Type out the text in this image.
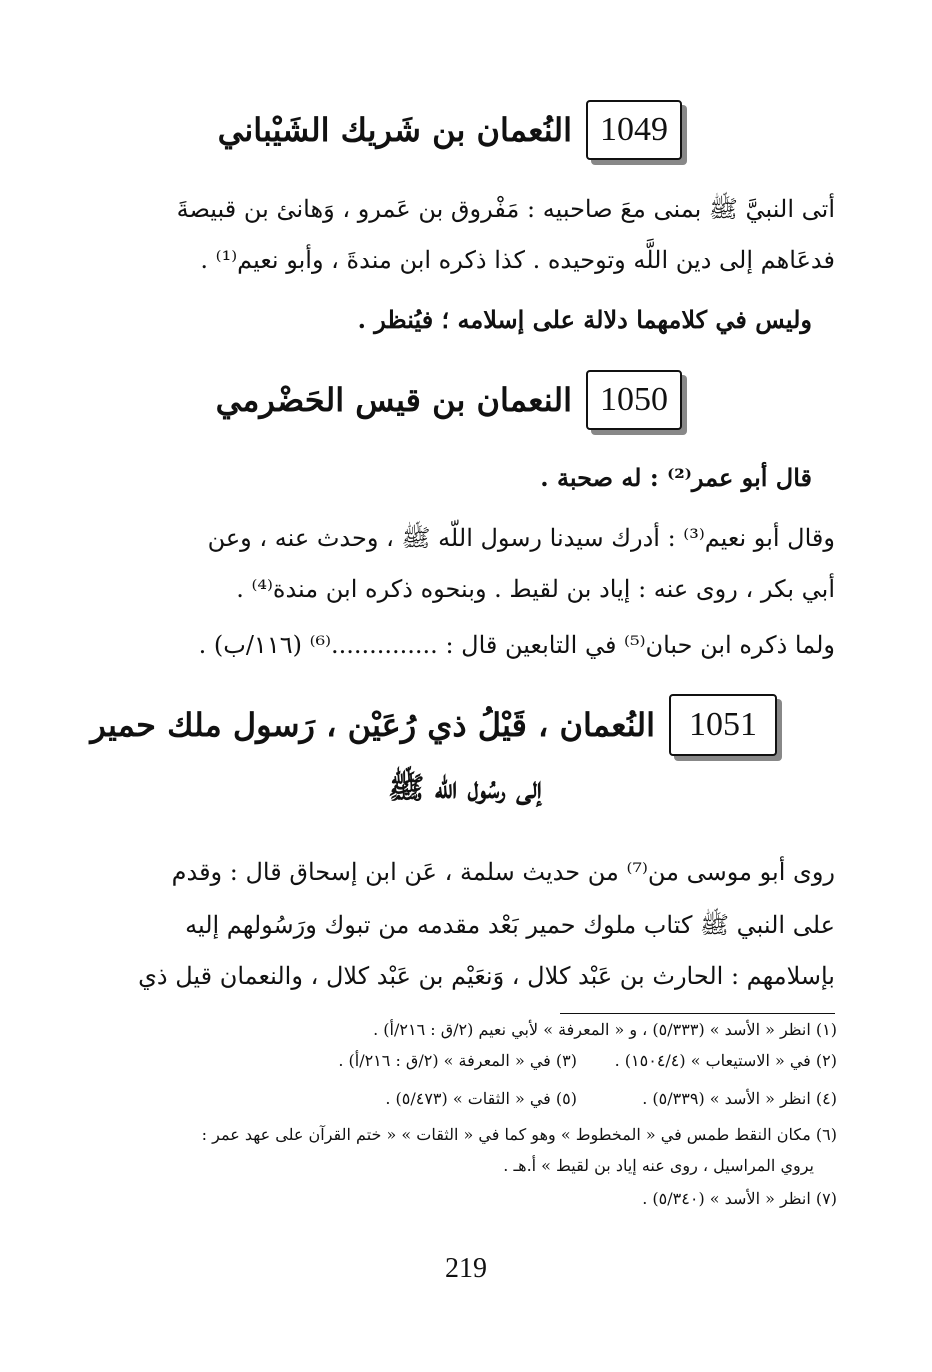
1049
النُعمان بن شَريك الشَيْباني
أتى النبيَّ ﷺ بمنى معَ صاحبيه : مَفْروق بن عَمرو ، وَهانئ بن قبيصةَ
فدعَاهم إلى دين اللَّه وتوحيده . كذا ذكره ابن مندةَ ، وأبو نعيم⁽¹⁾ .
وليس في كلامهما دلالة على إسلامه ؛ فيُنظر .
1050
النعمان بن قيس الحَضْرمي
قال أبو عمر⁽²⁾ : له صحبة .
وقال أبو نعيم⁽³⁾ : أدرك سيدنا رسول اللّه ﷺ ، وحدث عنه ، وعن
أبي بكر ، روى عنه : إياد بن لقيط . وبنحوه ذكره ابن مندة⁽⁴⁾ .
ولما ذكره ابن حبان⁽⁵⁾ في التابعين قال : ..............⁽⁶⁾ (١١٦/ب) .
1051
النُعمان ، قَيْلُ ذي رُعَيْن ، رَسول ملك حمير
إلى رسُول الله ﷺ
روى أبو موسى من⁽⁷⁾ من حديث سلمة ، عَن ابن إسحاق قال : وقدم
على النبي ﷺ كتاب ملوك حمير بَعْد مقدمه من تبوك ورَسُولهم إليه
بإسلامهم : الحارث بن عَبْد كلال ، وَنعَيْم بن عَبْد كلال ، والنعمان قيل ذي
(١) انظر « الأسد » (٥/٣٣٣) ، و « المعرفة » لأبي نعيم (٢/ق : ٢١٦/أ) .
(٢) في « الاستيعاب » (١٥٠٤/٤) .
(٣) في « المعرفة » (٢/ق : ٢١٦/أ) .
(٤) انظر « الأسد » (٥/٣٣٩) .
(٥) في « الثقات » (٥/٤٧٣) .
(٦) مكان النقط طمس في « المخطوط » وهو كما في « الثقات » « ختم القرآن على عهد عمر :
يروي المراسيل ، روى عنه إياد بن لقيط » أ.هـ .
(٧) انظر « الأسد » (٥/٣٤٠) .
219
